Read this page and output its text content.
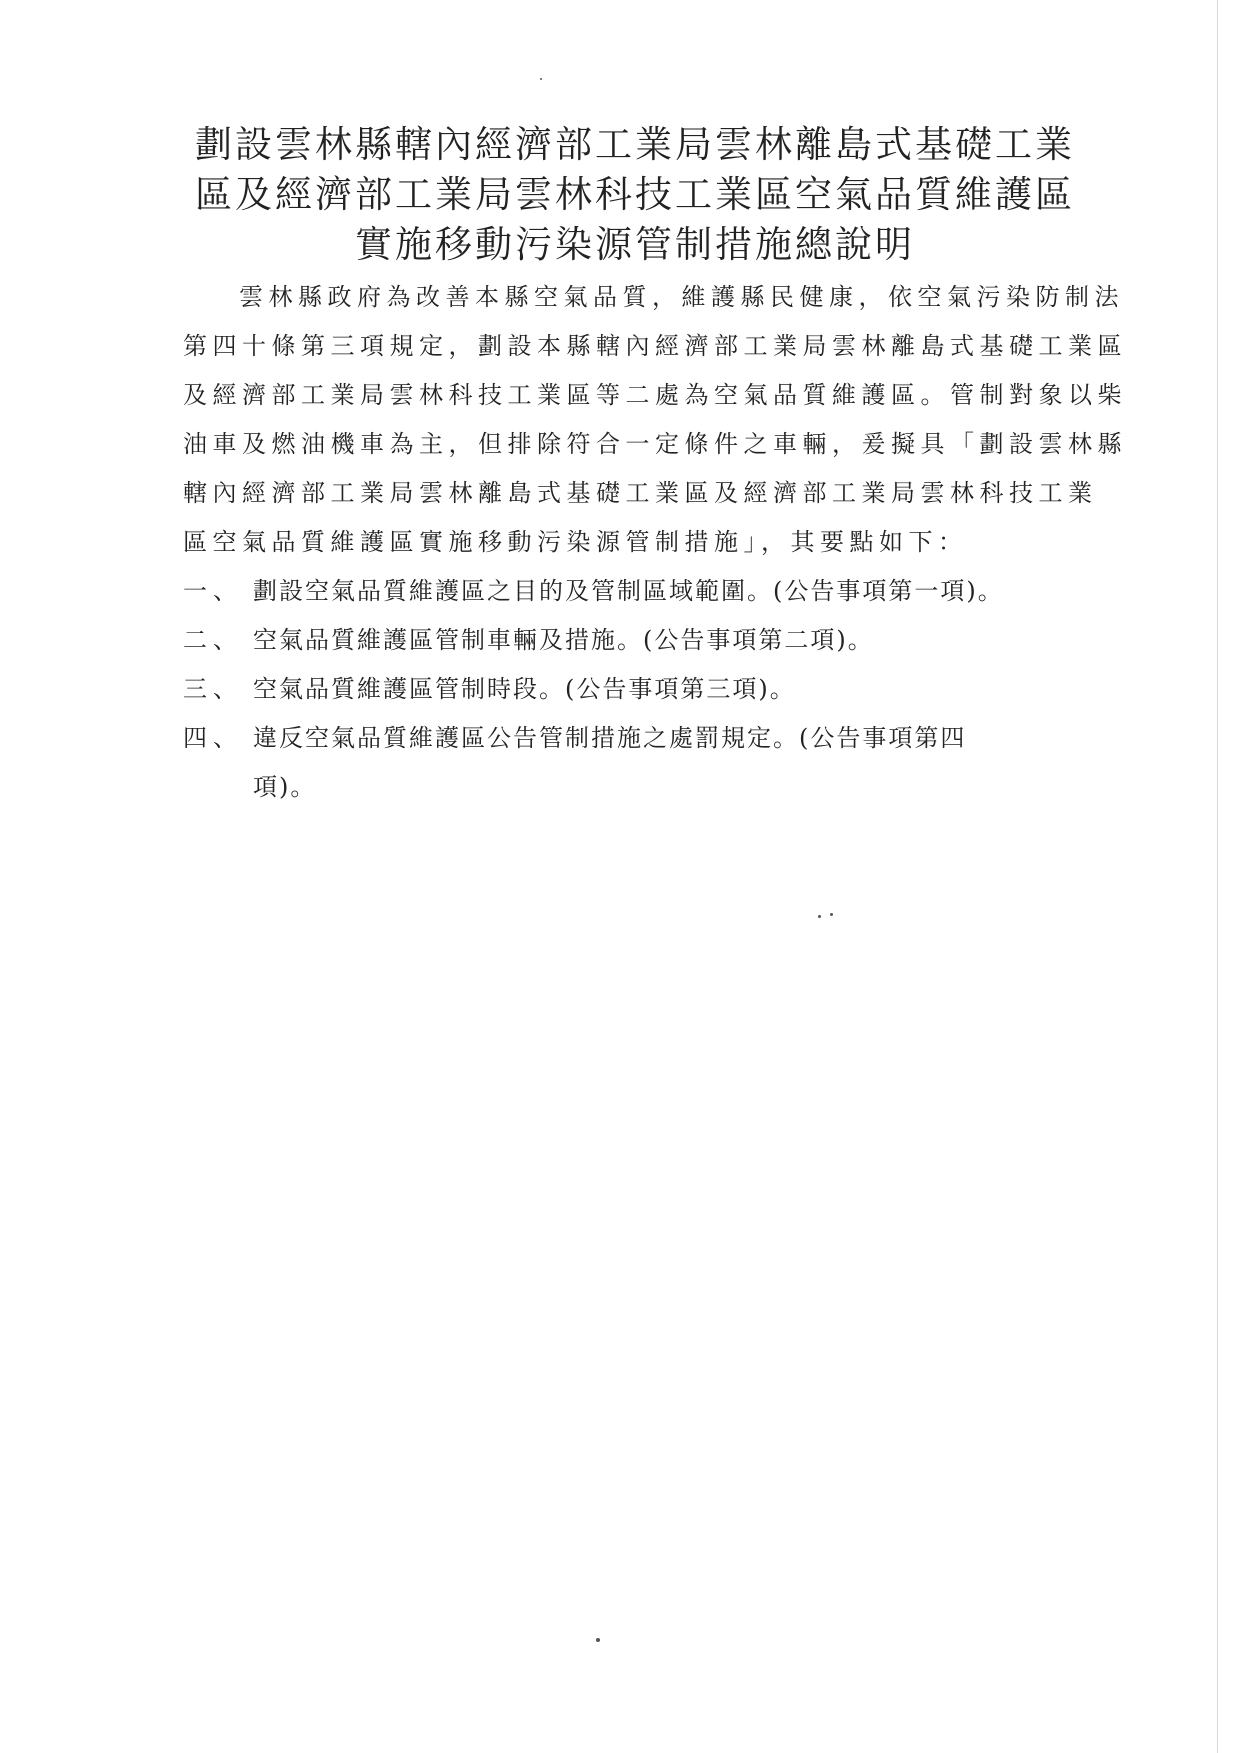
劃設雲林縣轄內經濟部工業局雲林離島式基礎工業
區及經濟部工業局雲林科技工業區空氣品質維護區
實施移動污染源管制措施總說明
雲林縣政府為改善本縣空氣品質，維護縣民健康，依空氣污染防制法
第四十條第三項規定，劃設本縣轄內經濟部工業局雲林離島式基礎工業區
及經濟部工業局雲林科技工業區等二處為空氣品質維護區。管制對象以柴
油車及燃油機車為主，但排除符合一定條件之車輛，爰擬具「劃設雲林縣
轄內經濟部工業局雲林離島式基礎工業區及經濟部工業局雲林科技工業
區空氣品質維護區實施移動污染源管制措施」，其要點如下：
一、 劃設空氣品質維護區之目的及管制區域範圍。(公告事項第一項)。
二、 空氣品質維護區管制車輛及措施。(公告事項第二項)。
三、 空氣品質維護區管制時段。(公告事項第三項)。
四、 違反空氣品質維護區公告管制措施之處罰規定。(公告事項第四
項)。
